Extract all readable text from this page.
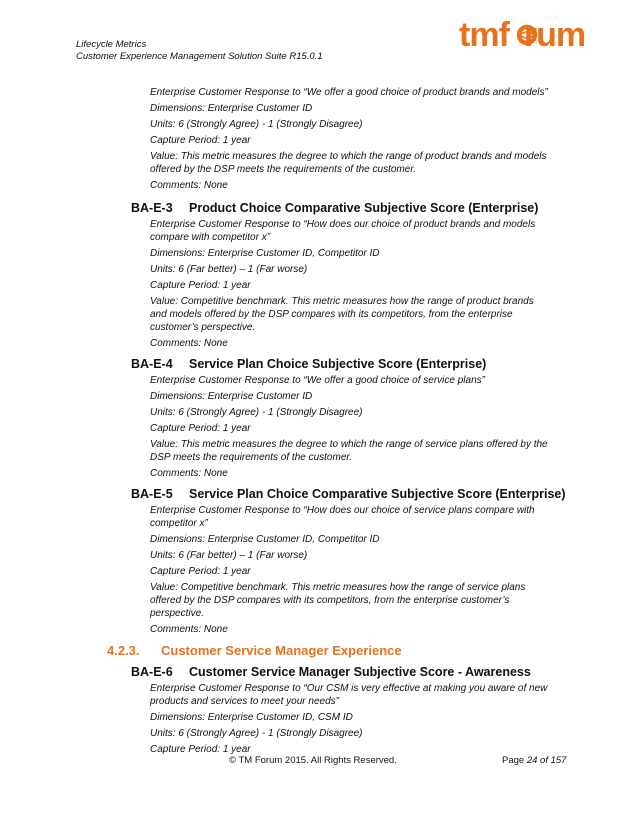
Lifecycle Metrics
Customer Experience Management Solution Suite R15.0.1
tmf rum

Enterprise Customer Response to “We offer a good choice of product brands and models”

Dimensions: Enterprise Customer ID

Units: 6 (Strongly Agree) - 1 (Strongly Disagree)

Capture Period: 1 year

Value: This metric measures the degree to which the range of product brands and models offered by the DSP meets the requirements of the customer.

Comments: None

BA-E-3	Product Choice Comparative Subjective Score (Enterprise)

Enterprise Customer Response to “How does our choice of product brands and models compare with competitor x”

Dimensions: Enterprise Customer ID, Competitor ID

Units: 6 (Far better) – 1 (Far worse)

Capture Period: 1 year

Value: Competitive benchmark. This metric measures how the range of product brands and models offered by the DSP compares with its competitors, from the enterprise customer’s perspective.

Comments: None

BA-E-4	Service Plan Choice Subjective Score (Enterprise)

Enterprise Customer Response to “We offer a good choice of service plans”

Dimensions: Enterprise Customer ID

Units: 6 (Strongly Agree) - 1 (Strongly Disagree)

Capture Period: 1 year

Value: This metric measures the degree to which the range of service plans offered by the DSP meets the requirements of the customer.

Comments: None

BA-E-5	Service Plan Choice Comparative Subjective Score (Enterprise)

Enterprise Customer Response to “How does our choice of service plans compare with competitor x”

Dimensions: Enterprise Customer ID, Competitor ID

Units: 6 (Far better) – 1 (Far worse)

Capture Period: 1 year

Value: Competitive benchmark. This metric measures how the range of service plans offered by the DSP compares with its competitors, from the enterprise customer’s perspective.

Comments: None

4.2.3.	Customer Service Manager Experience
BA-E-6	Customer Service Manager Subjective Score - Awareness

Enterprise Customer Response to “Our CSM is very effective at making you aware of new products and services to meet your needs”

Dimensions: Enterprise Customer ID, CSM ID

Units: 6 (Strongly Agree) - 1 (Strongly Disagree)

Capture Period: 1 year

© TM Forum 2015. All Rights Reserved.	Page 24 of 157
